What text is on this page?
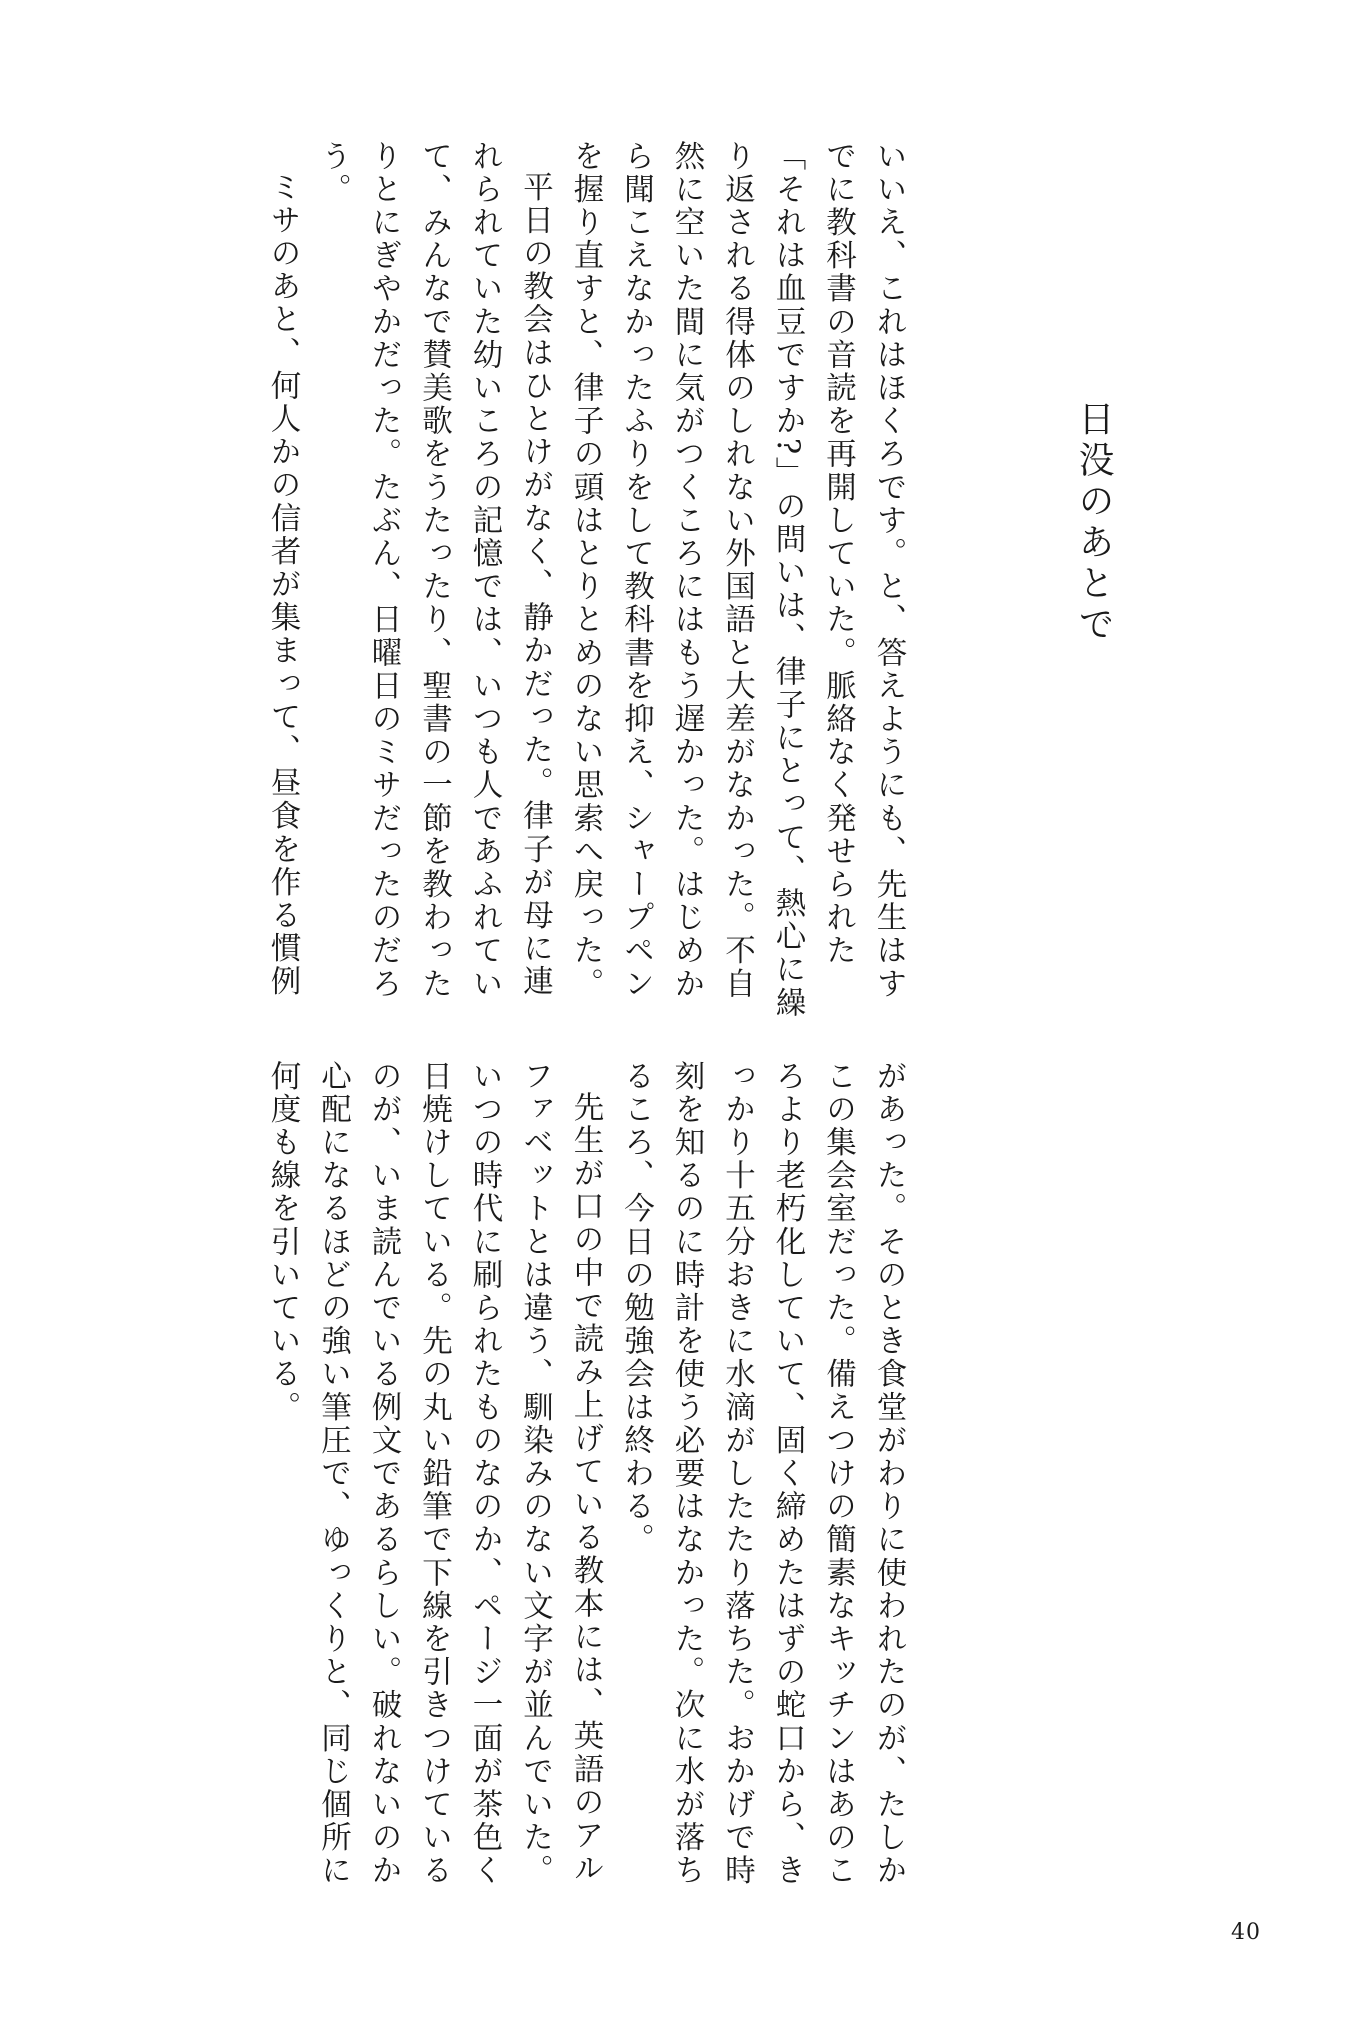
日没のあとで

いいえ、これはほくろです。と、答えようにも、先生はすでに教科書の音読を再開していた。脈絡なく発せられた「それは血豆ですか?」の問いは、律子にとって、熱心に繰り返される得体のしれない外国語と大差がなかった。不自然に空いた間に気がつくころにはもう遅かった。はじめから聞こえなかったふりをして教科書を抑え、シャープペンを握り直すと、律子の頭はとりとめのない思索へ戻った。

平日の教会はひとけがなく、静かだった。律子が母に連れられていた幼いころの記憶では、いつも人であふれていて、みんなで賛美歌をうたったり、聖書の一節を教わったりとにぎやかだった。たぶん、日曜日のミサだったのだろう。

ミサのあと、何人かの信者が集まって、昼食を作る慣例

があった。そのとき食堂がわりに使われたのが、たしかこの集会室だった。備えつけの簡素なキッチンはあのころより老朽化していて、固く締めたはずの蛇口から、きっかり十五分おきに水滴がしたたり落ちた。おかげで時刻を知るのに時計を使う必要はなかった。次に水が落ちるころ、今日の勉強会は終わる。

先生が口の中で読み上げている教本には、英語のアルファベットとは違う、馴染みのない文字が並んでいた。いつの時代に刷られたものなのか、ページ一面が茶色く日焼けしている。先の丸い鉛筆で下線を引きつけているのが、いま読んでいる例文であるらしい。破れないのか心配になるほどの強い筆圧で、ゆっくりと、同じ個所に何度も線を引いている。

40
